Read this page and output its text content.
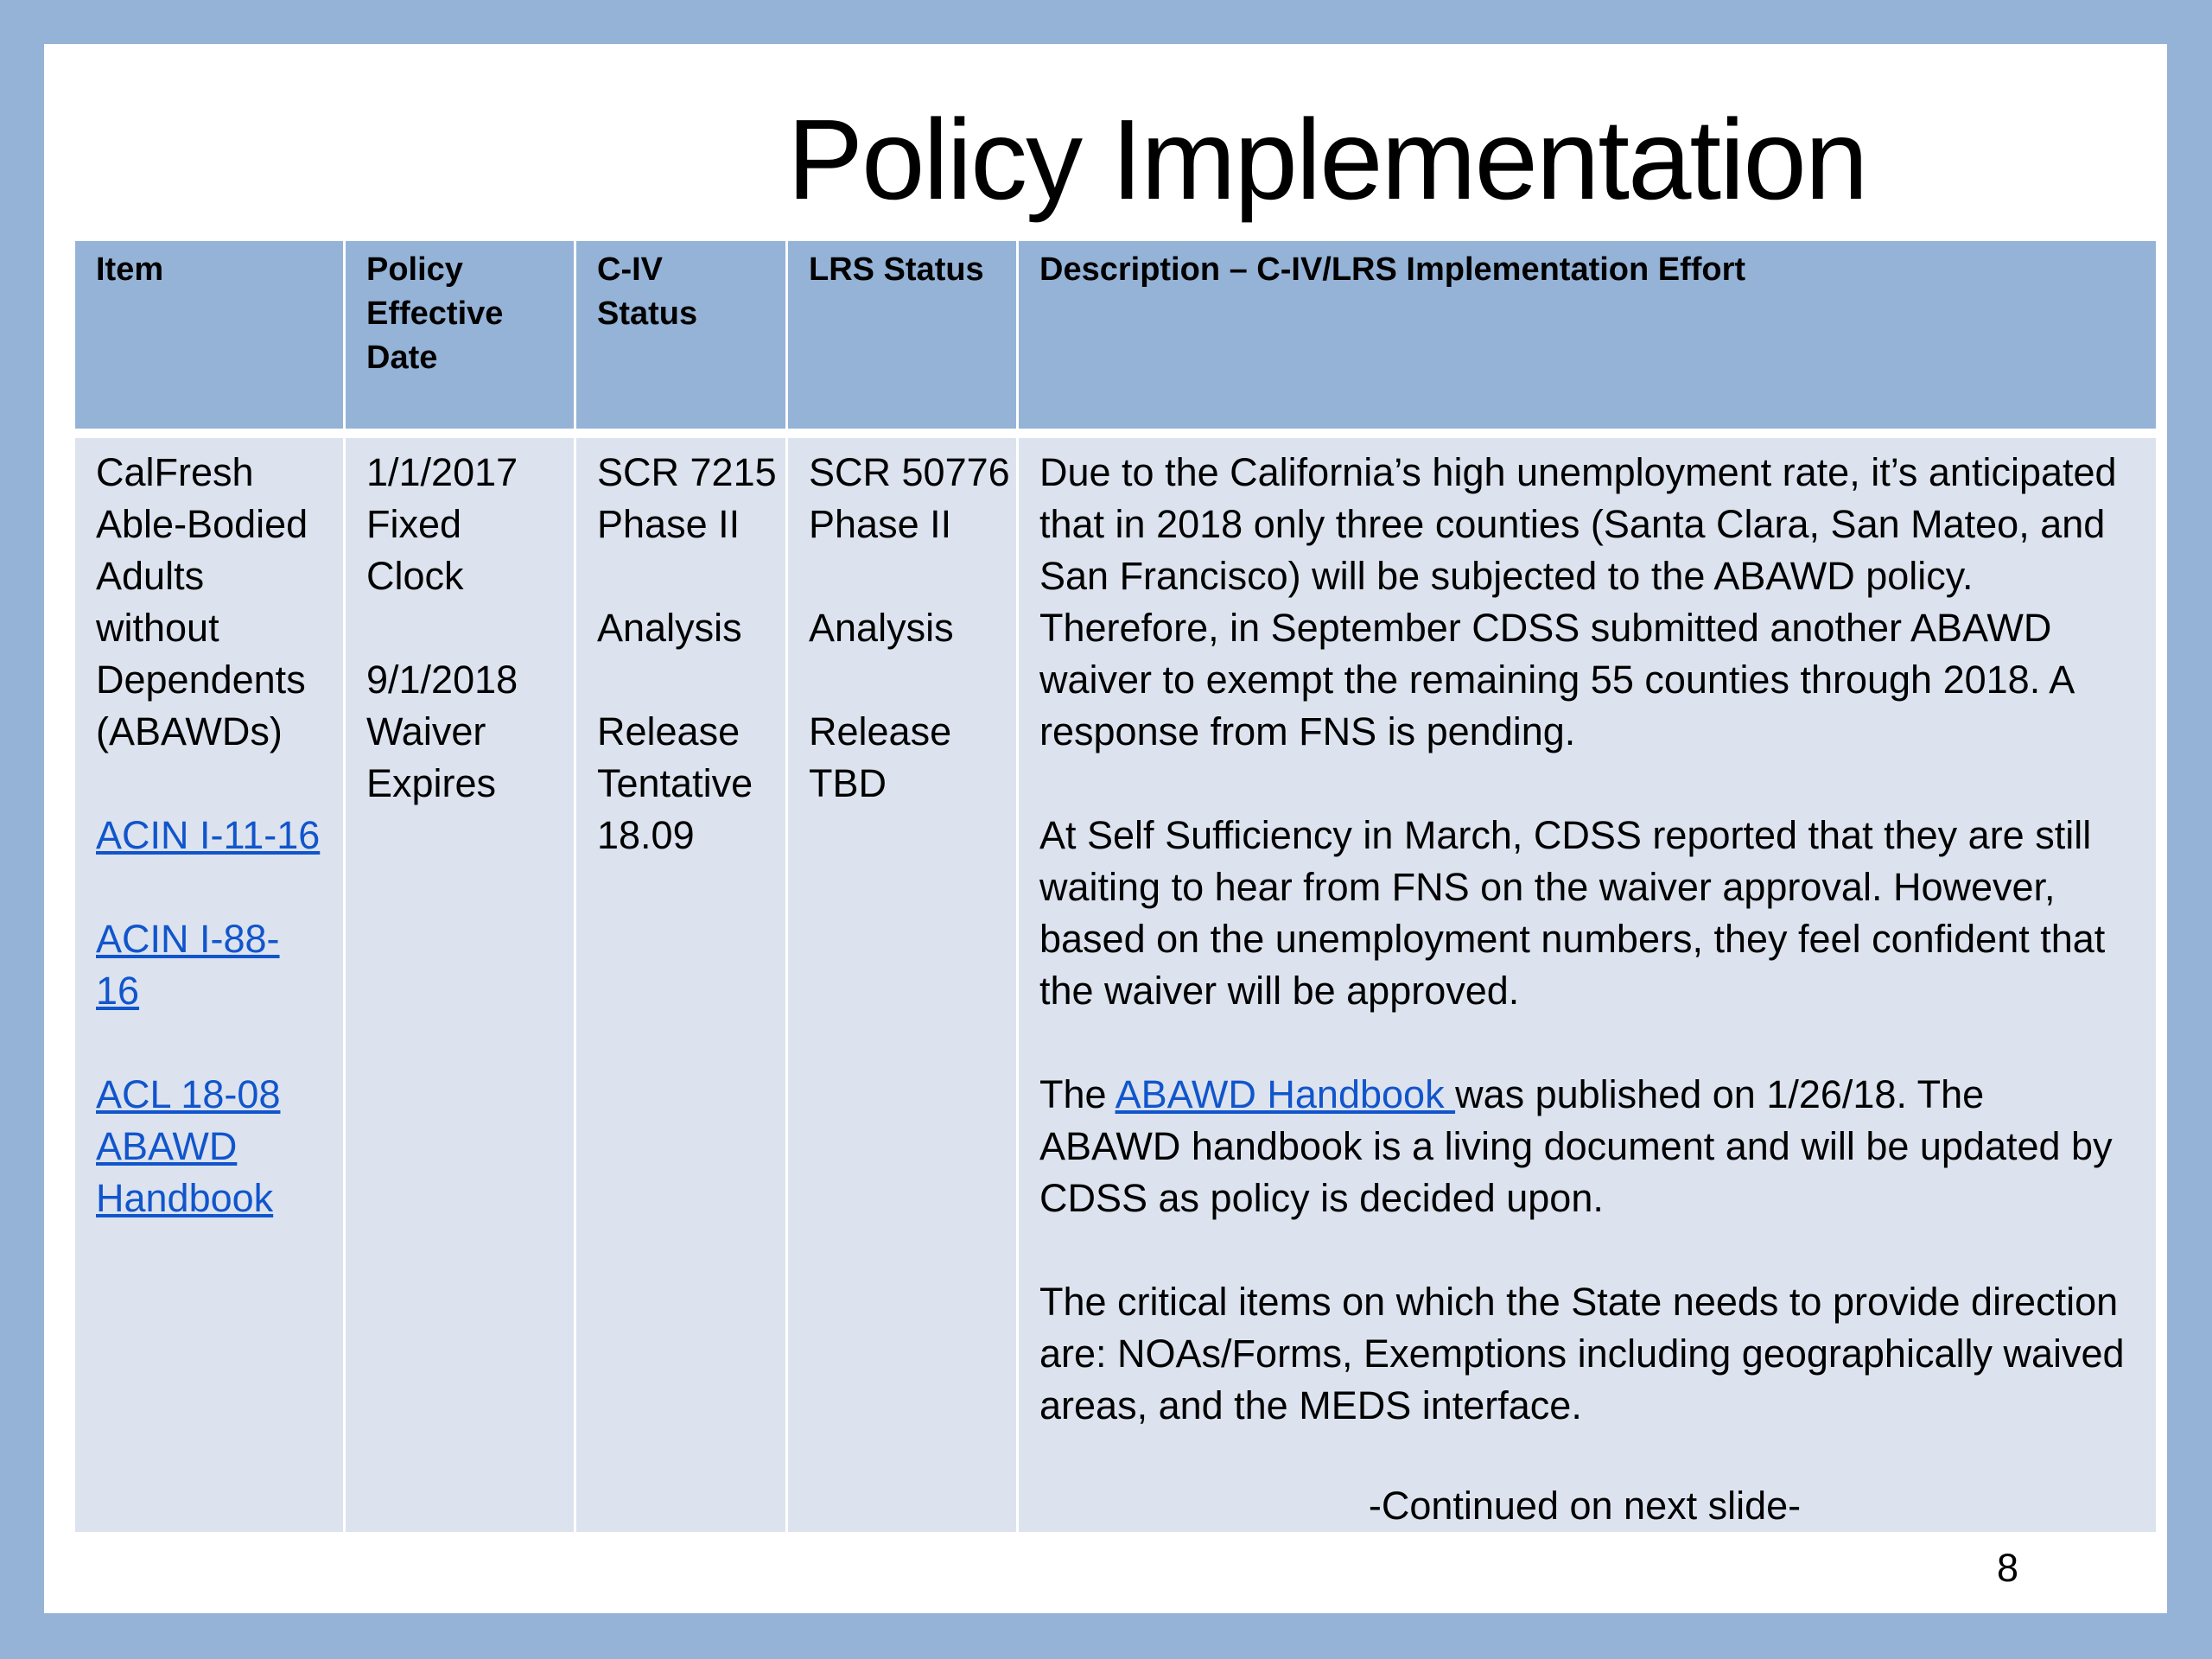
Policy Implementation
Item	Policy
Effective
Date
C-IV
Status
LRS Status	Description – C-IV/LRS Implementation Effort
CalFresh
Able-Bodied
Adults
without
Dependents
(ABAWDs)
ACIN I-11-16
ACIN I-88-
16
ACL 18-08
ABAWD
Handbook
1/1/2017
Fixed
Clock
9/1/2018
Waiver
Expires
SCR 7215
Phase II
Analysis
Release
Tentative
18.09
SCR 50776
Phase II
Analysis
Release
TBD
Due to the California’s high unemployment rate, it’s anticipated that in 2018 only three counties (Santa Clara, San Mateo, and San Francisco) will be subjected to the ABAWD policy. Therefore, in September CDSS submitted another ABAWD waiver to exempt the remaining 55 counties through 2018. A response from FNS is pending.
At Self Sufficiency in March, CDSS reported that they are still waiting to hear from FNS on the waiver approval. However, based on the unemployment numbers, they feel confident that the waiver will be approved.
The ABAWD Handbook was published on 1/26/18. The ABAWD handbook is a living document and will be updated by CDSS as policy is decided upon.
The critical items on which the State needs to provide direction are: NOAs/Forms, Exemptions including geographically waived areas, and the MEDS interface.
-Continued on next slide-
8
